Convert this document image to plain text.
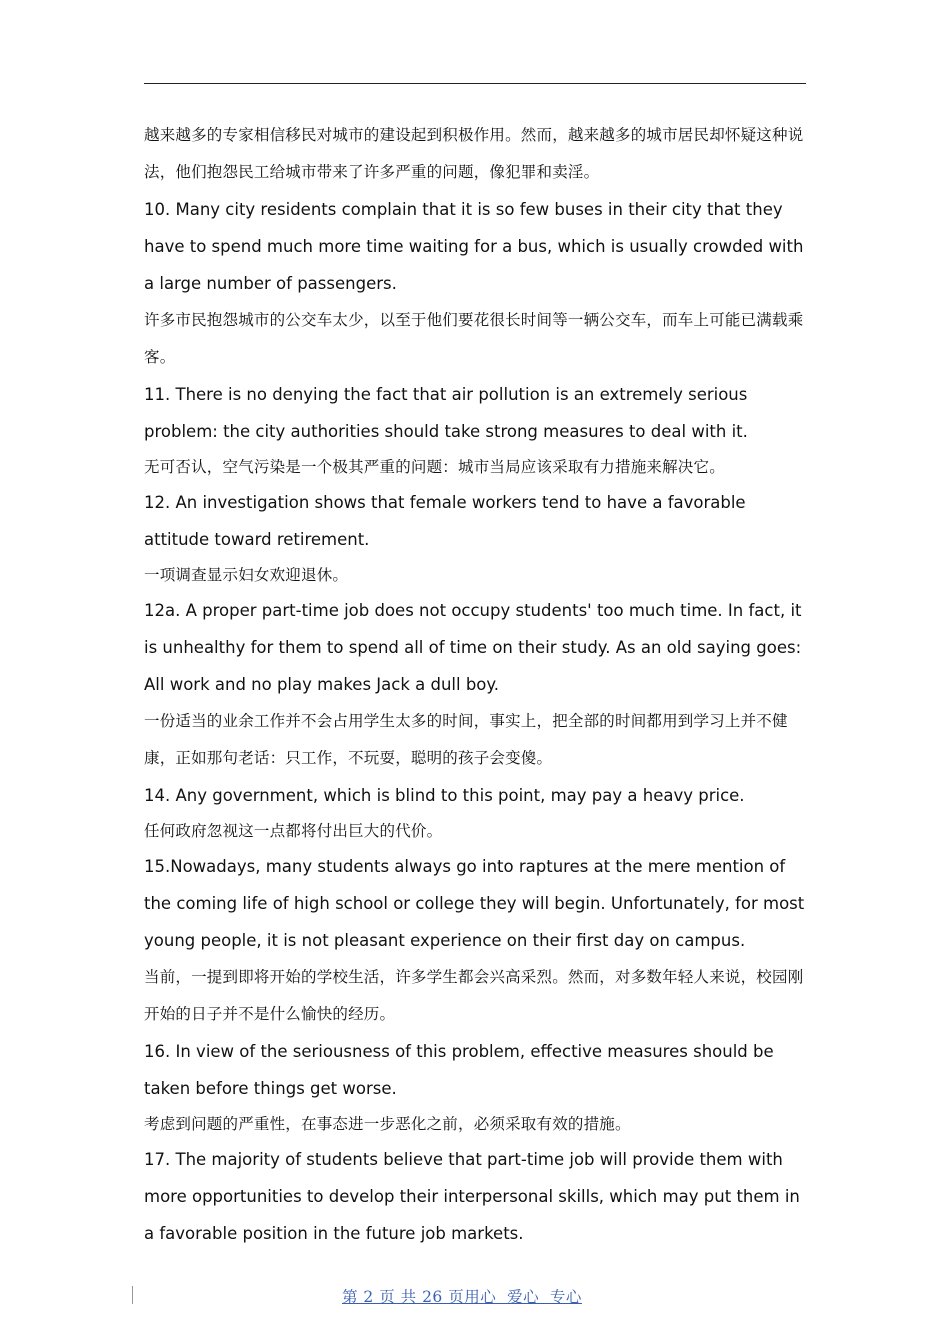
越来越多的专家相信移民对城市的建设起到积极作用。然而，越来越多的城市居民却怀疑这种说法，他们抱怨民工给城市带来了许多严重的问题，像犯罪和卖淫。

10. Many city residents complain that it is so few buses in their city that they have to spend much more time waiting for a bus, which is usually crowded with a large number of passengers.

许多市民抱怨城市的公交车太少，以至于他们要花很长时间等一辆公交车，而车上可能已满载乘客。

11. There is no denying the fact that air pollution is an extremely serious problem: the city authorities should take strong measures to deal with it.

无可否认，空气污染是一个极其严重的问题：城市当局应该采取有力措施来解决它。

12. An investigation shows that female workers tend to have a favorable attitude toward retirement.

一项调查显示妇女欢迎退休。

12a. A proper part-time job does not occupy students' too much time. In fact, it is unhealthy for them to spend all of time on their study. As an old saying goes: All work and no play makes Jack a dull boy.

一份适当的业余工作并不会占用学生太多的时间，事实上，把全部的时间都用到学习上并不健康，正如那句老话：只工作，不玩耍，聪明的孩子会变傻。

14. Any government, which is blind to this point, may pay a heavy price.

任何政府忽视这一点都将付出巨大的代价。

15.Nowadays, many students always go into raptures at the mere mention of the coming life of high school or college they will begin. Unfortunately, for most young people, it is not pleasant experience on their first day on campus.

当前，一提到即将开始的学校生活，许多学生都会兴高采烈。然而，对多数年轻人来说，校园刚开始的日子并不是什么愉快的经历。

16. In view of the seriousness of this problem, effective measures should be taken before things get worse.

考虑到问题的严重性，在事态进一步恶化之前，必须采取有效的措施。

17. The majority of students believe that part-time job will provide them with more opportunities to develop their interpersonal skills, which may put them in a favorable position in the future job markets.

第 2 页 共 26 页用心  爱心  专心
